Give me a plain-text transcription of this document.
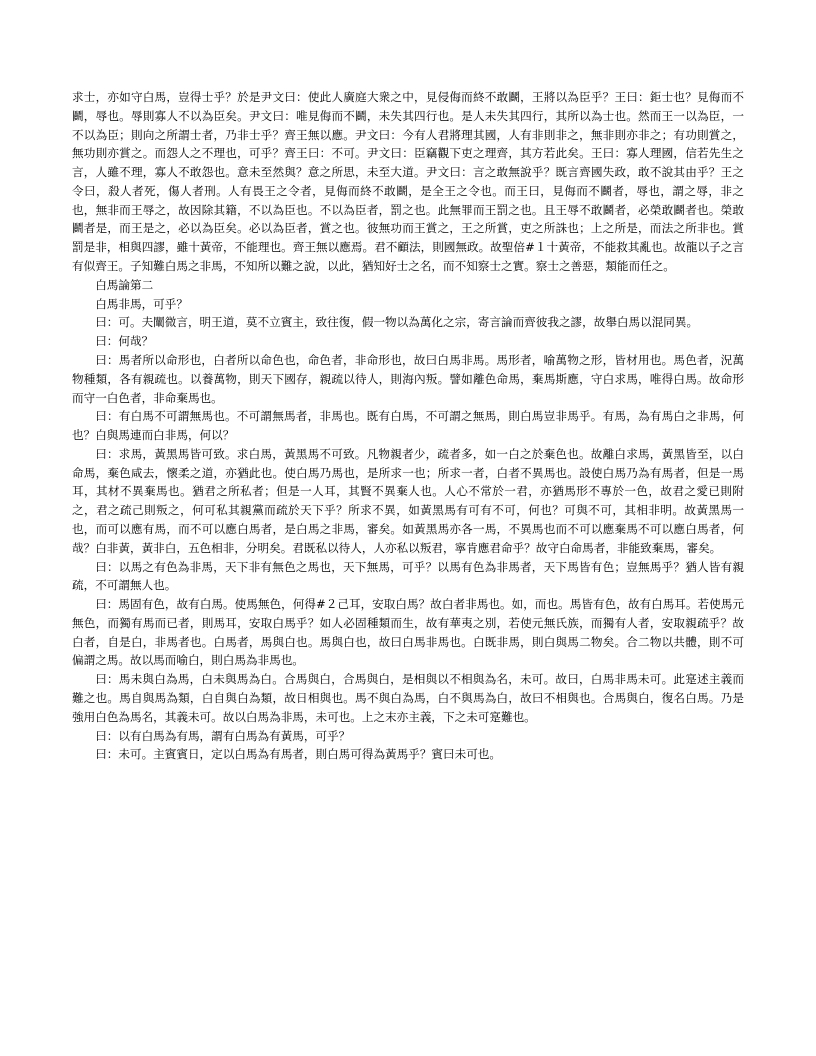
求士，亦如守白馬，豈得士乎？於是尹文曰：使此人廣庭大衆之中，見侵侮而終不敢鬬，王將以為臣乎？王曰：鉅士也？見侮而不鬬，辱也。辱則寡人不以為臣矣。尹文曰：唯見侮而不鬬，未失其四行也。是人未失其四行，其所以為士也。然而王一以為臣，一不以為臣；則向之所謂士者，乃非士乎？齊王無以應。尹文曰：今有人君將理其國，人有非則非之，無非則亦非之；有功則賞之，無功則亦賞之。而怨人之不理也，可乎？齊王曰：不可。尹文曰：臣竊觀下吏之理齊，其方若此矣。王曰：寡人理國，信若先生之言，人雖不理，寡人不敢怨也。意未至然與？意之所思，未至大道。尹文曰：言之敢無說乎？既言齊國失政，敢不說其由乎？王之令曰，殺人者死，傷人者刑。人有畏王之令者，見侮而終不敢鬬，是全王之令也。而王曰，見侮而不鬬者，辱也，謂之辱，非之也，無非而王辱之，故因除其籍，不以為臣也。不以為臣者，罰之也。此無罪而王罰之也。且王辱不敢鬬者，必榮敢鬬者也。榮敢鬬者是，而王是之，必以為臣矣。必以為臣者，賞之也。彼無功而王賞之，王之所賞，吏之所誅也；上之所是，而法之所非也。賞罰是非，相與四謬，雖十黃帝，不能理也。齊王無以應焉。君不顧法，則國無政。故聖倍#１十黃帝，不能救其亂也。故龍以子之言有似齊王。子知難白馬之非馬，不知所以難之說，以此，猶知好士之名，而不知察士之實。察士之善惡，類能而任之。

白馬論第二

白馬非馬，可乎？

曰：可。夫闡微言，明王道，莫不立賓主，致往復，假一物以為萬化之宗，寄言論而齊彼我之謬，故舉白馬以混同異。

曰：何哉？

曰：馬者所以命形也，白者所以命色也，命色者，非命形也，故曰白馬非馬。馬形者，喻萬物之形，皆材用也。馬色者，況萬物種類，各有親疏也。以養萬物，則天下國存，親疏以待人，則海內叛。譬如離色命馬，棄馬斯應，守白求馬，唯得白馬。故命形而守一白色者，非命棄馬也。

曰：有白馬不可謂無馬也。不可謂無馬者，非馬也。既有白馬，不可謂之無馬，則白馬豈非馬乎。有馬，為有馬白之非馬，何也？白與馬連而白非馬，何以？

曰：求馬，黃黑馬皆可致。求白馬，黃黑馬不可致。凡物親者少，疏者多，如一白之於棄色也。故離白求馬，黃黑皆至，以白命馬，棄色咸去，懷柔之道，亦猶此也。使白馬乃馬也，是所求一也；所求一者，白者不異馬也。設使白馬乃為有馬者，但是一馬耳，其材不異棄馬也。猶君之所私者；但是一人耳，其賢不異棄人也。人心不常於一君，亦猶馬形不專於一色，故君之愛已則附之，君之疏己則叛之，何可私其親黨而疏於天下乎？所求不異，如黃黑馬有可有不可，何也？可與不可，其相非明。故黃黑馬一也，而可以應有馬，而不可以應白馬者，是白馬之非馬，審矣。如黃黑馬亦各一馬，不異馬也而不可以應棄馬不可以應白馬者，何哉？白非黃，黃非白，五色相非，分明矣。君既私以待人，人亦私以叛君，寧肯應君命乎？故守白命馬者，非能致棄馬，審矣。

曰：以馬之有色為非馬，天下非有無色之馬也，天下無馬，可乎？以馬有色為非馬者，天下馬皆有色；豈無馬乎？猶人皆有親疏，不可謂無人也。

曰：馬固有色，故有白馬。使馬無色，何得#２己耳，安取白馬？故白者非馬也。如，而也。馬皆有色，故有白馬耳。若使馬元無色，而獨有馬而已者，則馬耳，安取白馬乎？如人必固種類而生，故有華夷之別，若使元無氏族，而獨有人者，安取親疏乎？故白者，自是白，非馬者也。白馬者，馬與白也。馬與白也，故曰白馬非馬也。白既非馬，則白與馬二物矣。合二物以共體，則不可偏謂之馬。故以馬而喻白，則白馬為非馬也。

曰：馬未與白為馬，白未與馬為白。合馬與白，合馬與白，是相與以不相與為名，未可。故曰，白馬非馬未可。此寔述主義而難之也。馬自與馬為類，白自與白為類，故日相與也。馬不與白為馬，白不與馬為白，故曰不相與也。合馬與白，復名白馬。乃是強用白色為馬名，其義未可。故以白馬為非馬，未可也。上之末亦主義，下之未可寔難也。

曰：以有白馬為有馬，謂有白馬為有黃馬，可乎？

曰：未可。主賓賓日，定以白馬為有馬者，則白馬可得為黃馬乎？賓曰未可也。
